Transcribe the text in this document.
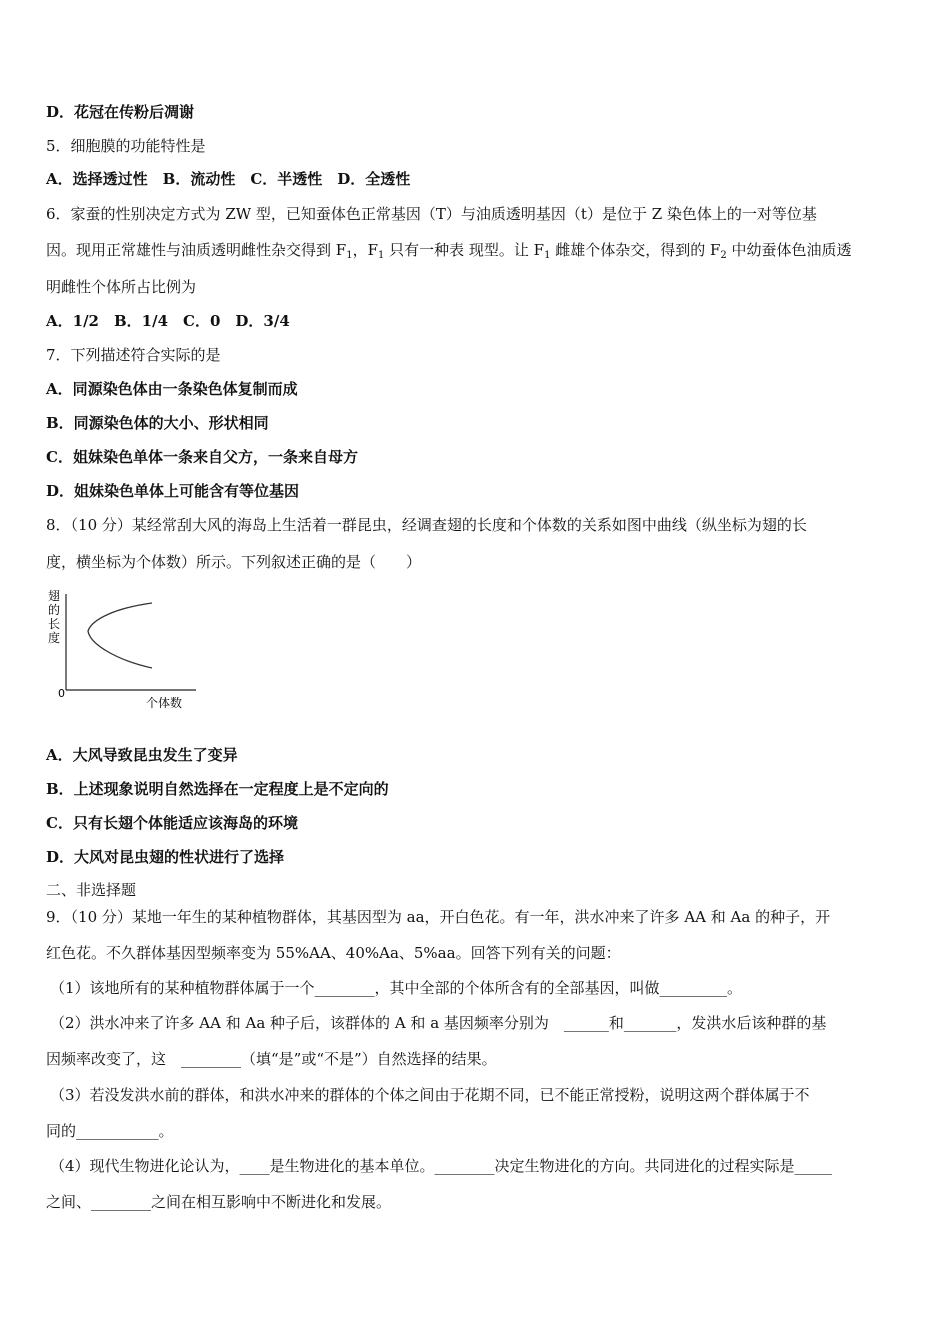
D．花冠在传粉后凋谢
5．细胞膜的功能特性是
A．选择透过性　B．流动性　C．半透性　D．全透性
6．家蚕的性别决定方式为 ZW 型，已知蚕体色正常基因（T）与油质透明基因（t）是位于 Z 染色体上的一对等位基
因。现用正常雄性与油质透明雌性杂交得到 $F_1$，$F_1$ 只有一种表 现型。让 $F_1$ 雌雄个体杂交，得到的 $F_2$ 中幼蚕体色油质透
明雌性个体所占比例为
A．1/2　B．1/4　C．0　D．3/4
7．下列描述符合实际的是
A．同源染色体由一条染色体复制而成
B．同源染色体的大小、形状相同
C．姐妹染色单体一条来自父方，一条来自母方
D．姐妹染色单体上可能含有等位基因
8．（10 分）某经常刮大风的海岛上生活着一群昆虫，经调查翅的长度和个体数的关系如图中曲线（纵坐标为翅的长
度，横坐标为个体数）所示。下列叙述正确的是（　　）
翅
的
长
度
0
个体数
A．大风导致昆虫发生了变异
B．上述现象说明自然选择在一定程度上是不定向的
C．只有长翅个体能适应该海岛的环境
D．大风对昆虫翅的性状进行了选择
二、非选择题
9．（10 分）某地一年生的某种植物群体，其基因型为 aa，开白色花。有一年，洪水冲来了许多 AA 和 Aa 的种子，开
红色花。不久群体基因型频率变为 55%AA、40%Aa、5%aa。回答下列有关的问题：
（1）该地所有的某种植物群体属于一个________，其中全部的个体所含有的全部基因，叫做_________。
（2）洪水冲来了许多 AA 和 Aa 种子后，该群体的 A 和 a 基因频率分别为　______和_______，发洪水后该种群的基
因频率改变了，这　________（填“是”或“不是”）自然选择的结果。
（3）若没发洪水前的群体，和洪水冲来的群体的个体之间由于花期不同，已不能正常授粉，说明这两个群体属于不
同的___________。
（4）现代生物进化论认为，____是生物进化的基本单位。________决定生物进化的方向。共同进化的过程实际是_____
之间、________之间在相互影响中不断进化和发展。
